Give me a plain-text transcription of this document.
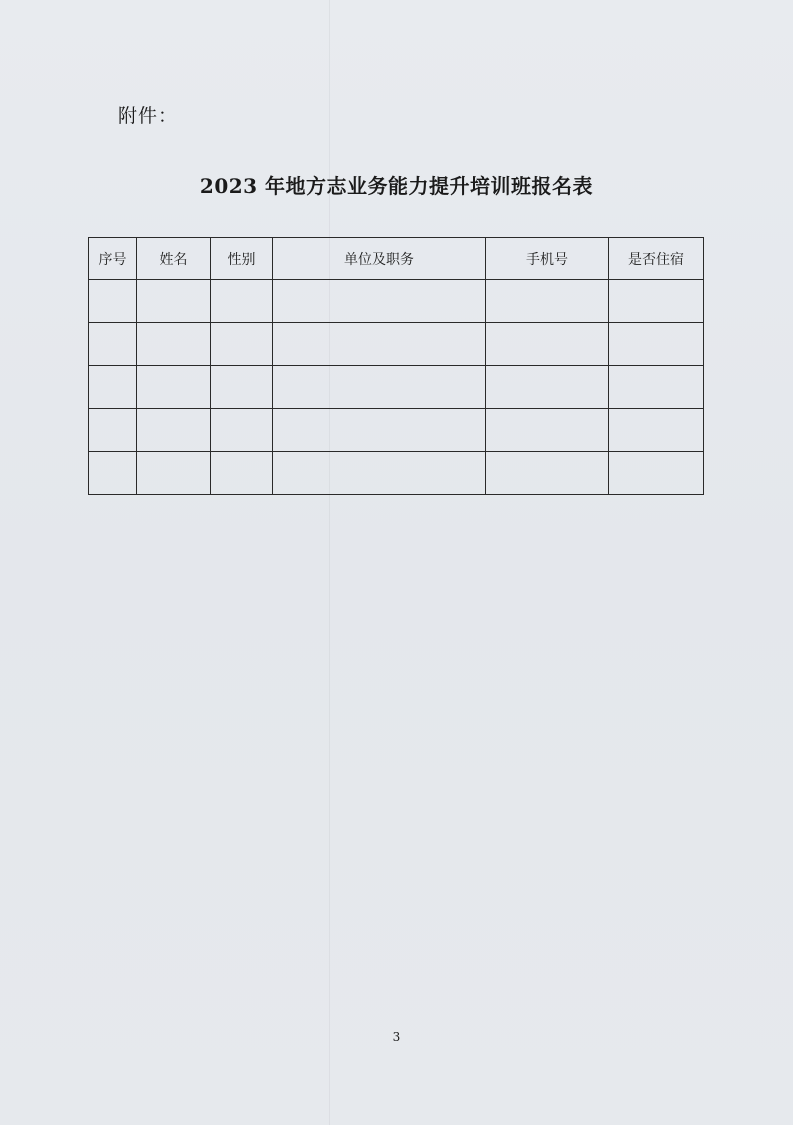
附件：
2023 年地方志业务能力提升培训班报名表
序号	姓名	性别	单位及职务	手机号	是否住宿

3
